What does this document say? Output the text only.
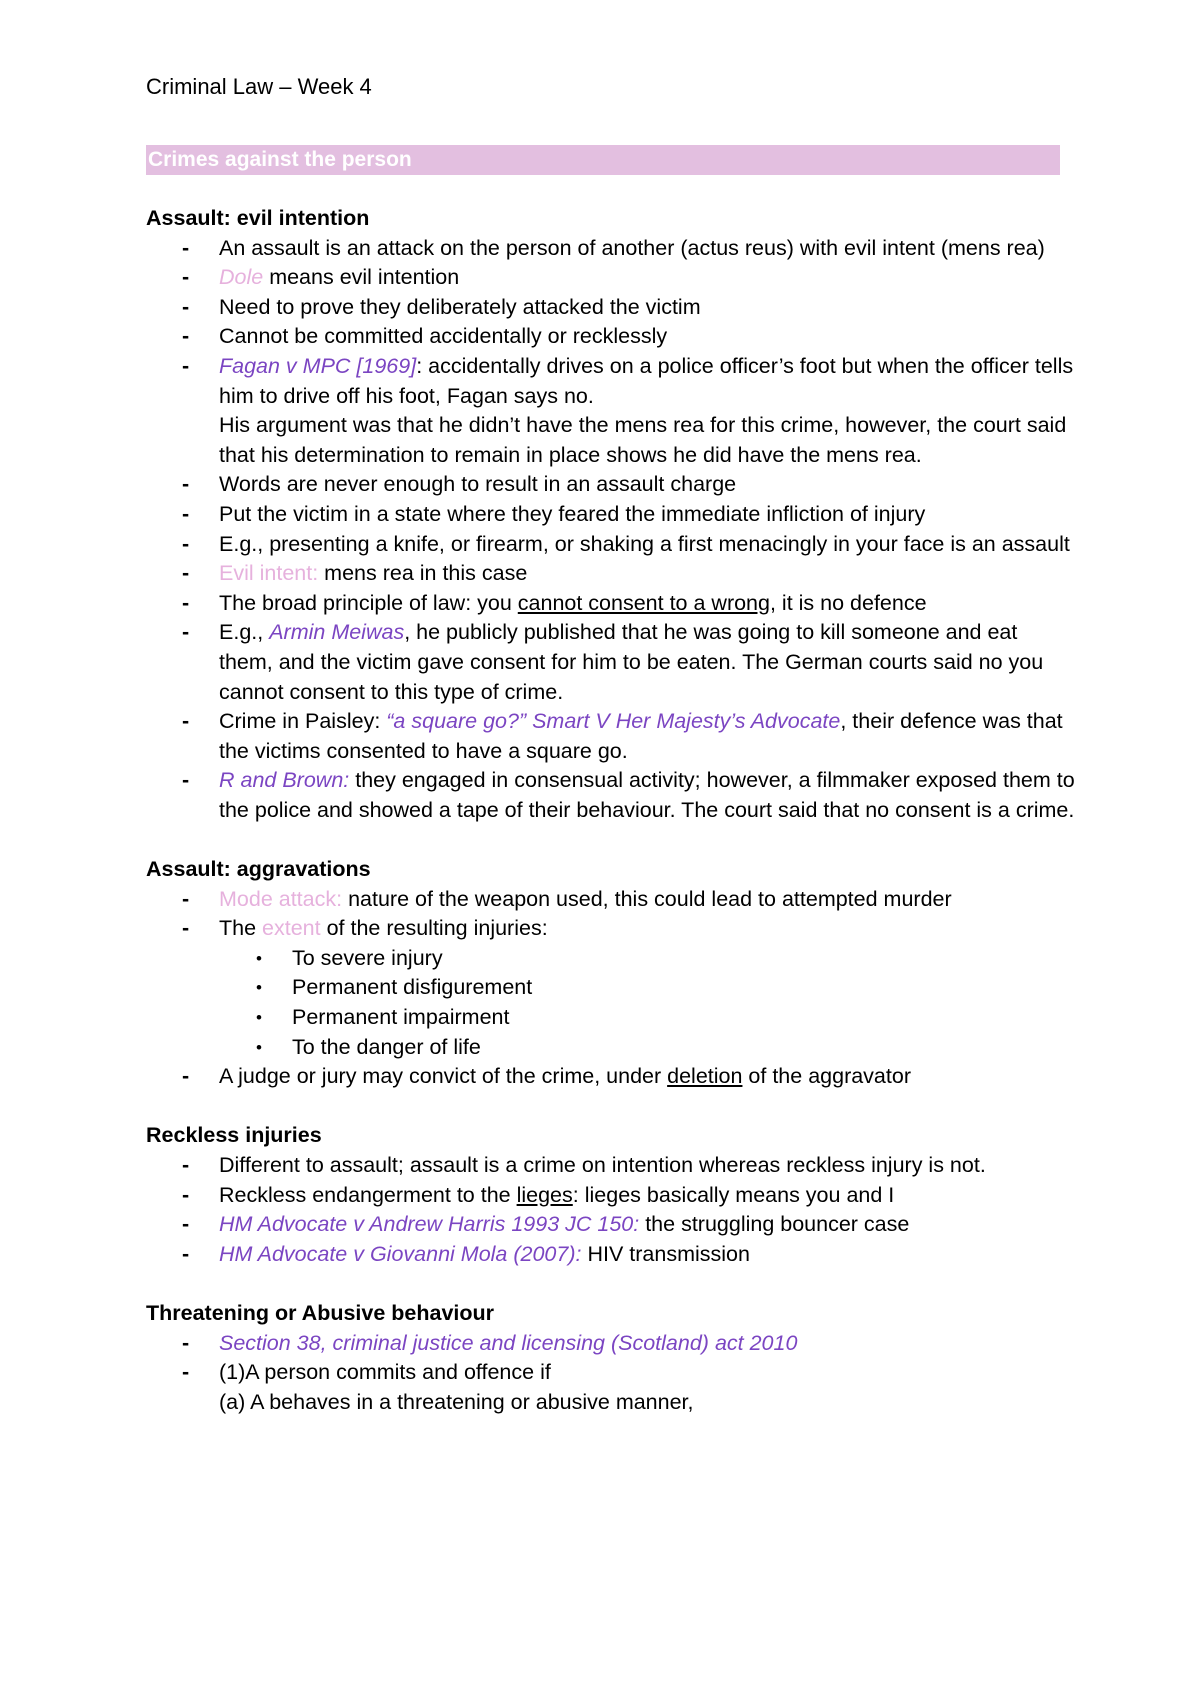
Criminal Law – Week 4

Crimes against the person

Assault: evil intention

- An assault is an attack on the person of another (actus reus) with evil intent (mens rea)
- Dole means evil intention
- Need to prove they deliberately attacked the victim
- Cannot be committed accidentally or recklessly
- Fagan v MPC [1969]: accidentally drives on a police officer’s foot but when the officer tells him to drive off his foot, Fagan says no.
His argument was that he didn’t have the mens rea for this crime, however, the court said that his determination to remain in place shows he did have the mens rea.
- Words are never enough to result in an assault charge
- Put the victim in a state where they feared the immediate infliction of injury
- E.g., presenting a knife, or firearm, or shaking a first menacingly in your face is an assault
- Evil intent: mens rea in this case
- The broad principle of law: you cannot consent to a wrong, it is no defence
- E.g., Armin Meiwas, he publicly published that he was going to kill someone and eat them, and the victim gave consent for him to be eaten. The German courts said no you cannot consent to this type of crime.
- Crime in Paisley: “a square go?” Smart V Her Majesty’s Advocate, their defence was that the victims consented to have a square go.
- R and Brown: they engaged in consensual activity; however, a filmmaker exposed them to the police and showed a tape of their behaviour. The court said that no consent is a crime.

Assault: aggravations

- Mode attack: nature of the weapon used, this could lead to attempted murder
- The extent of the resulting injuries:
• To severe injury
• Permanent disfigurement
• Permanent impairment
• To the danger of life
- A judge or jury may convict of the crime, under deletion of the aggravator

Reckless injuries

- Different to assault; assault is a crime on intention whereas reckless injury is not.
- Reckless endangerment to the lieges: lieges basically means you and I
- HM Advocate v Andrew Harris 1993 JC 150: the struggling bouncer case
- HM Advocate v Giovanni Mola (2007): HIV transmission

Threatening or Abusive behaviour

- Section 38, criminal justice and licensing (Scotland) act 2010
- (1)A person commits and offence if
(a) A behaves in a threatening or abusive manner,
